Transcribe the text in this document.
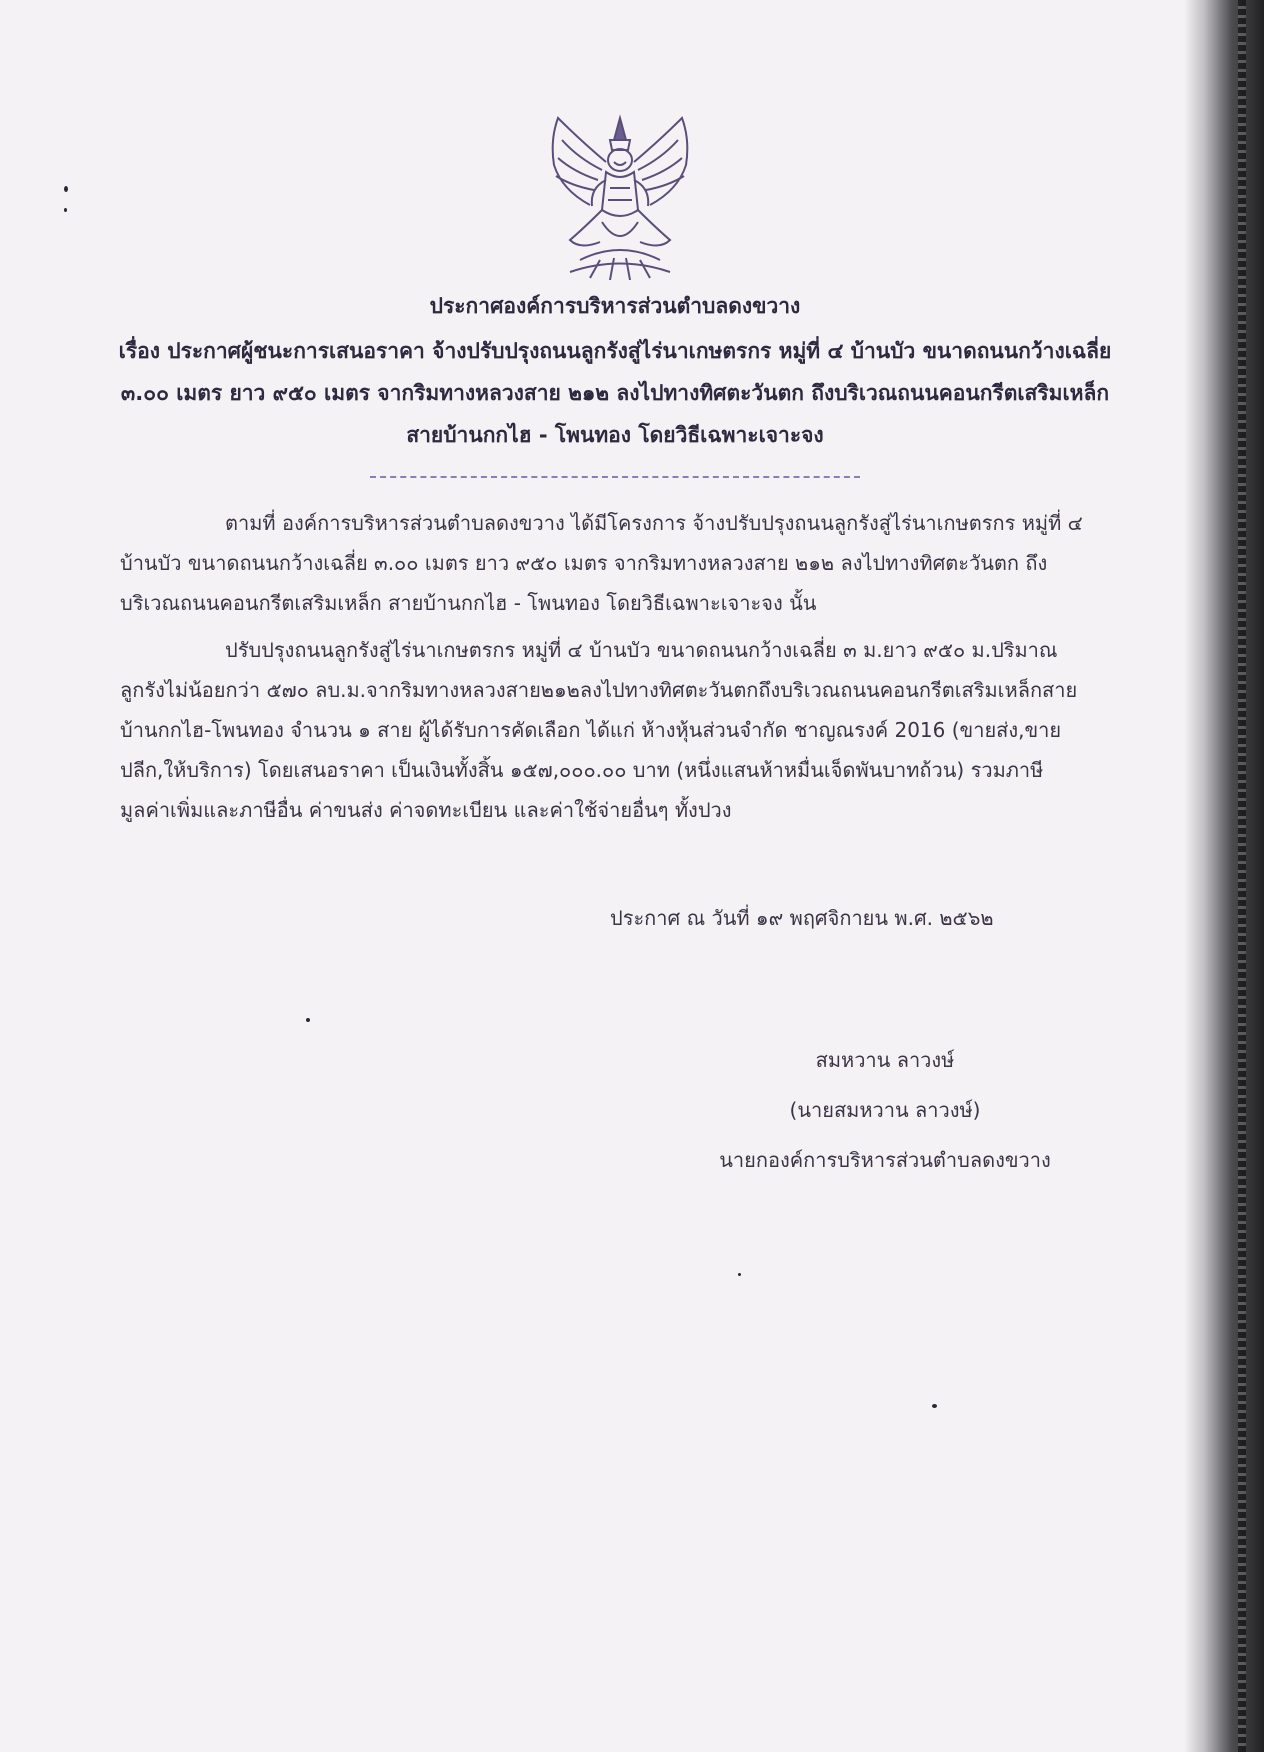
ประกาศองค์การบริหารส่วนตำบลดงขวาง
เรื่อง ประกาศผู้ชนะการเสนอราคา จ้างปรับปรุงถนนลูกรังสู่ไร่นาเกษตรกร หมู่ที่ ๔ บ้านบัว ขนาดถนนกว้างเฉลี่ย ๓.๐๐ เมตร ยาว ๙๕๐ เมตร จากริมทางหลวงสาย ๒๑๒ ลงไปทางทิศตะวันตก ถึงบริเวณถนนคอนกรีตเสริมเหล็ก สายบ้านกกไฮ - โพนทอง โดยวิธีเฉพาะเจาะจง
ตามที่ องค์การบริหารส่วนตำบลดงขวาง ได้มีโครงการ จ้างปรับปรุงถนนลูกรังสู่ไร่นาเกษตรกร หมู่ที่ ๔ บ้านบัว ขนาดถนนกว้างเฉลี่ย ๓.๐๐ เมตร ยาว ๙๕๐ เมตร จากริมทางหลวงสาย ๒๑๒ ลงไปทางทิศตะวันตก ถึงบริเวณถนนคอนกรีตเสริมเหล็ก สายบ้านกกไฮ - โพนทอง โดยวิธีเฉพาะเจาะจง นั้น
ปรับปรุงถนนลูกรังสู่ไร่นาเกษตรกร หมู่ที่ ๔ บ้านบัว ขนาดถนนกว้างเฉลี่ย ๓ ม.ยาว ๙๕๐ ม.ปริมาณลูกรังไม่น้อยกว่า ๕๗๐ ลบ.ม.จากริมทางหลวงสาย๒๑๒ลงไปทางทิศตะวันตกถึงบริเวณถนนคอนกรีตเสริมเหล็กสายบ้านกกไฮ-โพนทอง จำนวน ๑ สาย ผู้ได้รับการคัดเลือก ได้แก่ ห้างหุ้นส่วนจำกัด ชาญณรงค์ 2016 (ขายส่ง,ขายปลีก,ให้บริการ) โดยเสนอราคา เป็นเงินทั้งสิ้น ๑๕๗,๐๐๐.๐๐ บาท (หนึ่งแสนห้าหมื่นเจ็ดพันบาทถ้วน) รวมภาษีมูลค่าเพิ่มและภาษีอื่น ค่าขนส่ง ค่าจดทะเบียน และค่าใช้จ่ายอื่นๆ ทั้งปวง
ประกาศ ณ วันที่ ๑๙ พฤศจิกายน พ.ศ. ๒๕๖๒
สมหวาน ลาวงษ์
(นายสมหวาน ลาวงษ์)
นายกองค์การบริหารส่วนตำบลดงขวาง
